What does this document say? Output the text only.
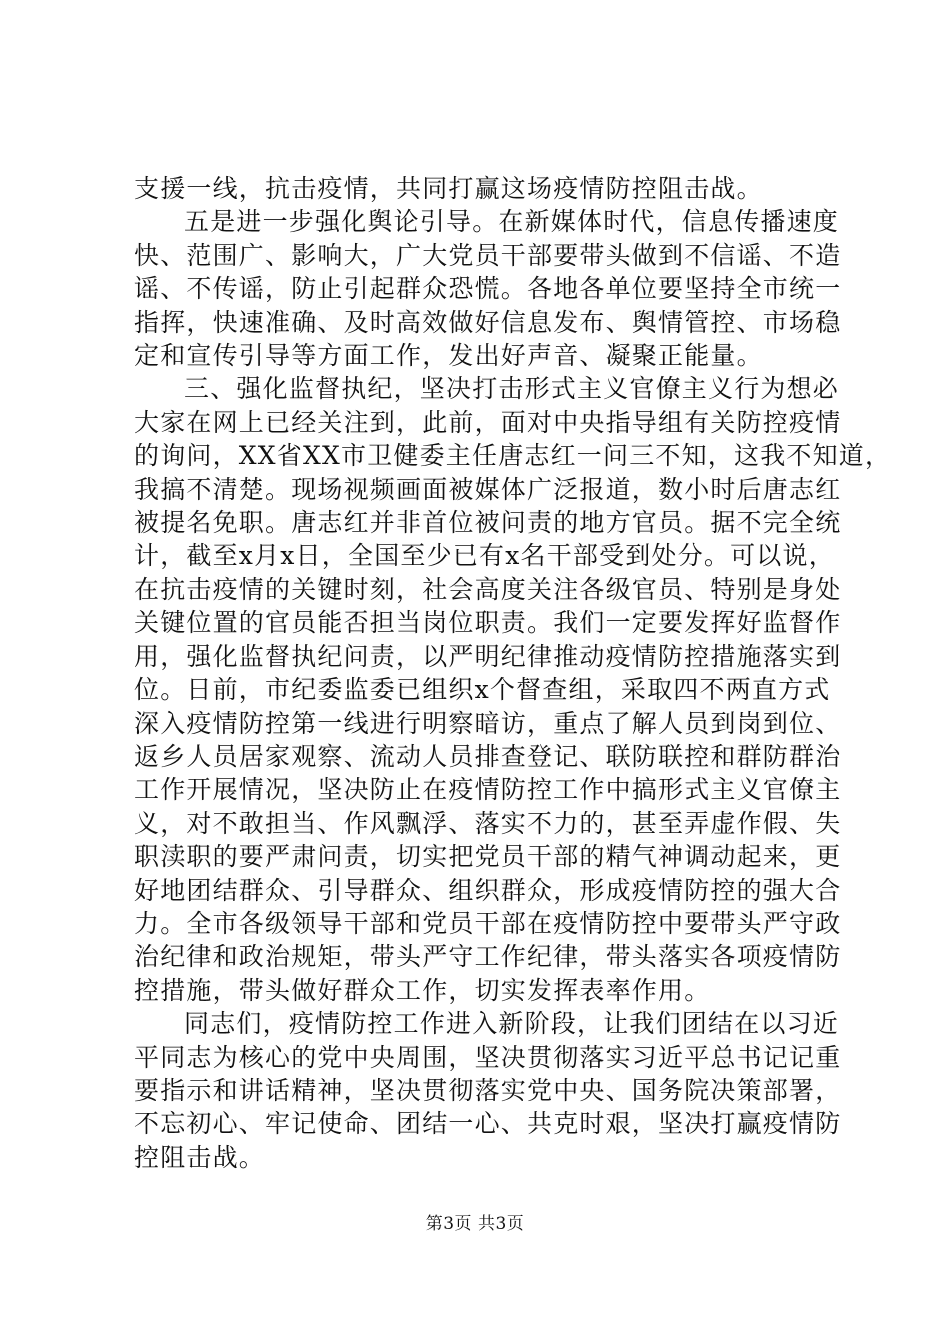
支援一线，抗击疫情，共同打赢这场疫情防控阻击战。
五是进一步强化舆论引导。在新媒体时代，信息传播速度
快、范围广、影响大，广大党员干部要带头做到不信谣、不造
谣、不传谣，防止引起群众恐慌。各地各单位要坚持全市统一
指挥，快速准确、及时高效做好信息发布、舆情管控、市场稳
定和宣传引导等方面工作，发出好声音、凝聚正能量。
三、强化监督执纪，坚决打击形式主义官僚主义行为想必
大家在网上已经关注到，此前，面对中央指导组有关防控疫情
的询问，XX省XX市卫健委主任唐志红一问三不知，这我不知道，
我搞不清楚。现场视频画面被媒体广泛报道，数小时后唐志红
被提名免职。唐志红并非首位被问责的地方官员。据不完全统
计，截至x月x日，全国至少已有x名干部受到处分。可以说，
在抗击疫情的关键时刻，社会高度关注各级官员、特别是身处
关键位置的官员能否担当岗位职责。我们一定要发挥好监督作
用，强化监督执纪问责，以严明纪律推动疫情防控措施落实到
位。日前，市纪委监委已组织x个督查组，采取四不两直方式
深入疫情防控第一线进行明察暗访，重点了解人员到岗到位、
返乡人员居家观察、流动人员排查登记、联防联控和群防群治
工作开展情况，坚决防止在疫情防控工作中搞形式主义官僚主
义，对不敢担当、作风飘浮、落实不力的，甚至弄虚作假、失
职渎职的要严肃问责，切实把党员干部的精气神调动起来，更
好地团结群众、引导群众、组织群众，形成疫情防控的强大合
力。全市各级领导干部和党员干部在疫情防控中要带头严守政
治纪律和政治规矩，带头严守工作纪律，带头落实各项疫情防
控措施，带头做好群众工作，切实发挥表率作用。
同志们，疫情防控工作进入新阶段，让我们团结在以习近
平同志为核心的党中央周围，坚决贯彻落实习近平总书记记重
要指示和讲话精神，坚决贯彻落实党中央、国务院决策部署，
不忘初心、牢记使命、团结一心、共克时艰，坚决打赢疫情防
控阻击战。
第3页 共3页
